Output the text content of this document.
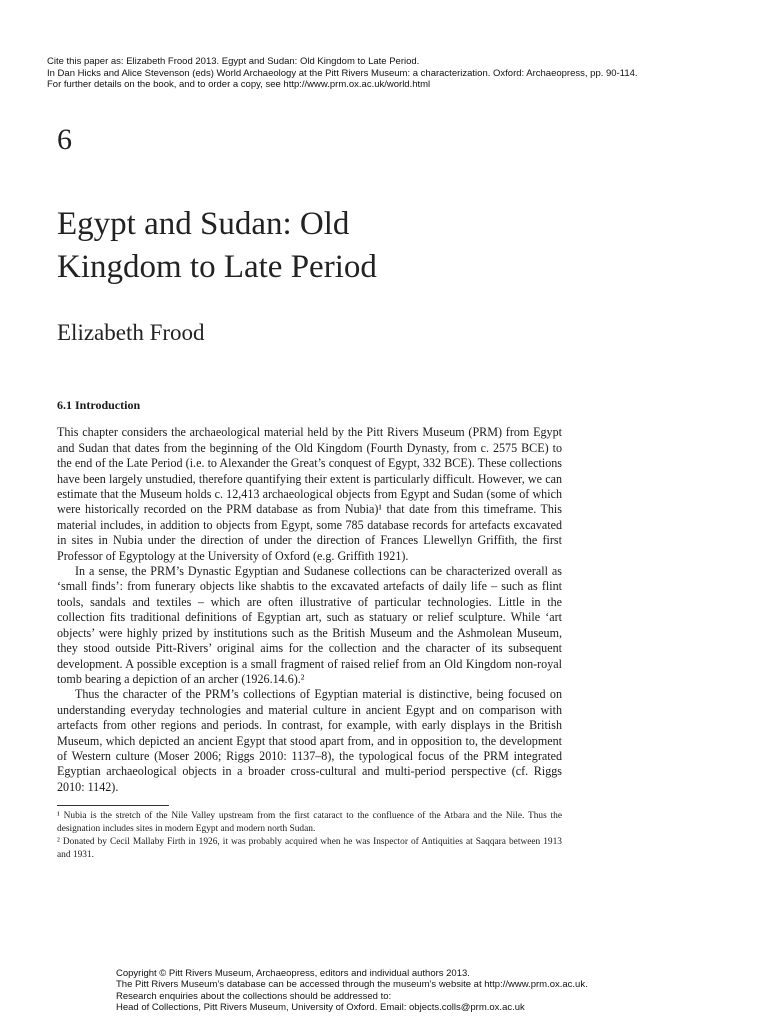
Cite this paper as: Elizabeth Frood 2013. Egypt and Sudan: Old Kingdom to Late Period.
In Dan Hicks and Alice Stevenson (eds) World Archaeology at the Pitt Rivers Museum: a characterization. Oxford: Archaeopress, pp. 90-114.
For further details on the book, and to order a copy, see http://www.prm.ox.ac.uk/world.html
6
Egypt and Sudan: Old
Kingdom to Late Period
Elizabeth Frood
6.1 Introduction

This chapter considers the archaeological material held by the Pitt Rivers Museum (PRM) from Egypt and Sudan that dates from the beginning of the Old Kingdom (Fourth Dynasty, from c. 2575 BCE) to the end of the Late Period (i.e. to Alexander the Great’s conquest of Egypt, 332 BCE). These collections have been largely unstudied, therefore quantifying their extent is particularly difficult. However, we can estimate that the Museum holds c. 12,413 archaeological objects from Egypt and Sudan (some of which were historically recorded on the PRM database as from Nubia)¹ that date from this timeframe. This material includes, in addition to objects from Egypt, some 785 database records for artefacts excavated in sites in Nubia under the direction of under the direction of Frances Llewellyn Griffith, the first Professor of Egyptology at the University of Oxford (e.g. Griffith 1921).

In a sense, the PRM’s Dynastic Egyptian and Sudanese collections can be characterized overall as ‘small finds’: from funerary objects like shabtis to the excavated artefacts of daily life – such as flint tools, sandals and textiles – which are often illustrative of particular technologies. Little in the collection fits traditional definitions of Egyptian art, such as statuary or relief sculpture. While ‘art objects’ were highly prized by institutions such as the British Museum and the Ashmolean Museum, they stood outside Pitt-Rivers’ original aims for the collection and the character of its subsequent development. A possible exception is a small fragment of raised relief from an Old Kingdom non-royal tomb bearing a depiction of an archer (1926.14.6).²

Thus the character of the PRM’s collections of Egyptian material is distinctive, being focused on understanding everyday technologies and material culture in ancient Egypt and on comparison with artefacts from other regions and periods. In contrast, for example, with early displays in the British Museum, which depicted an ancient Egypt that stood apart from, and in opposition to, the development of Western culture (Moser 2006; Riggs 2010: 1137–8), the typological focus of the PRM integrated Egyptian archaeological objects in a broader cross-cultural and multi-period perspective (cf. Riggs 2010: 1142).

¹ Nubia is the stretch of the Nile Valley upstream from the first cataract to the confluence of the Atbara and the Nile. Thus the designation includes sites in modern Egypt and modern north Sudan.

² Donated by Cecil Mallaby Firth in 1926, it was probably acquired when he was Inspector of Antiquities at Saqqara between 1913 and 1931.

Copyright © Pitt Rivers Museum, Archaeopress, editors and individual authors 2013.
The Pitt Rivers Museum’s database can be accessed through the museum’s website at http://www.prm.ox.ac.uk.
Research enquiries about the collections should be addressed to:
Head of Collections, Pitt Rivers Museum, University of Oxford. Email: objects.colls@prm.ox.ac.uk
